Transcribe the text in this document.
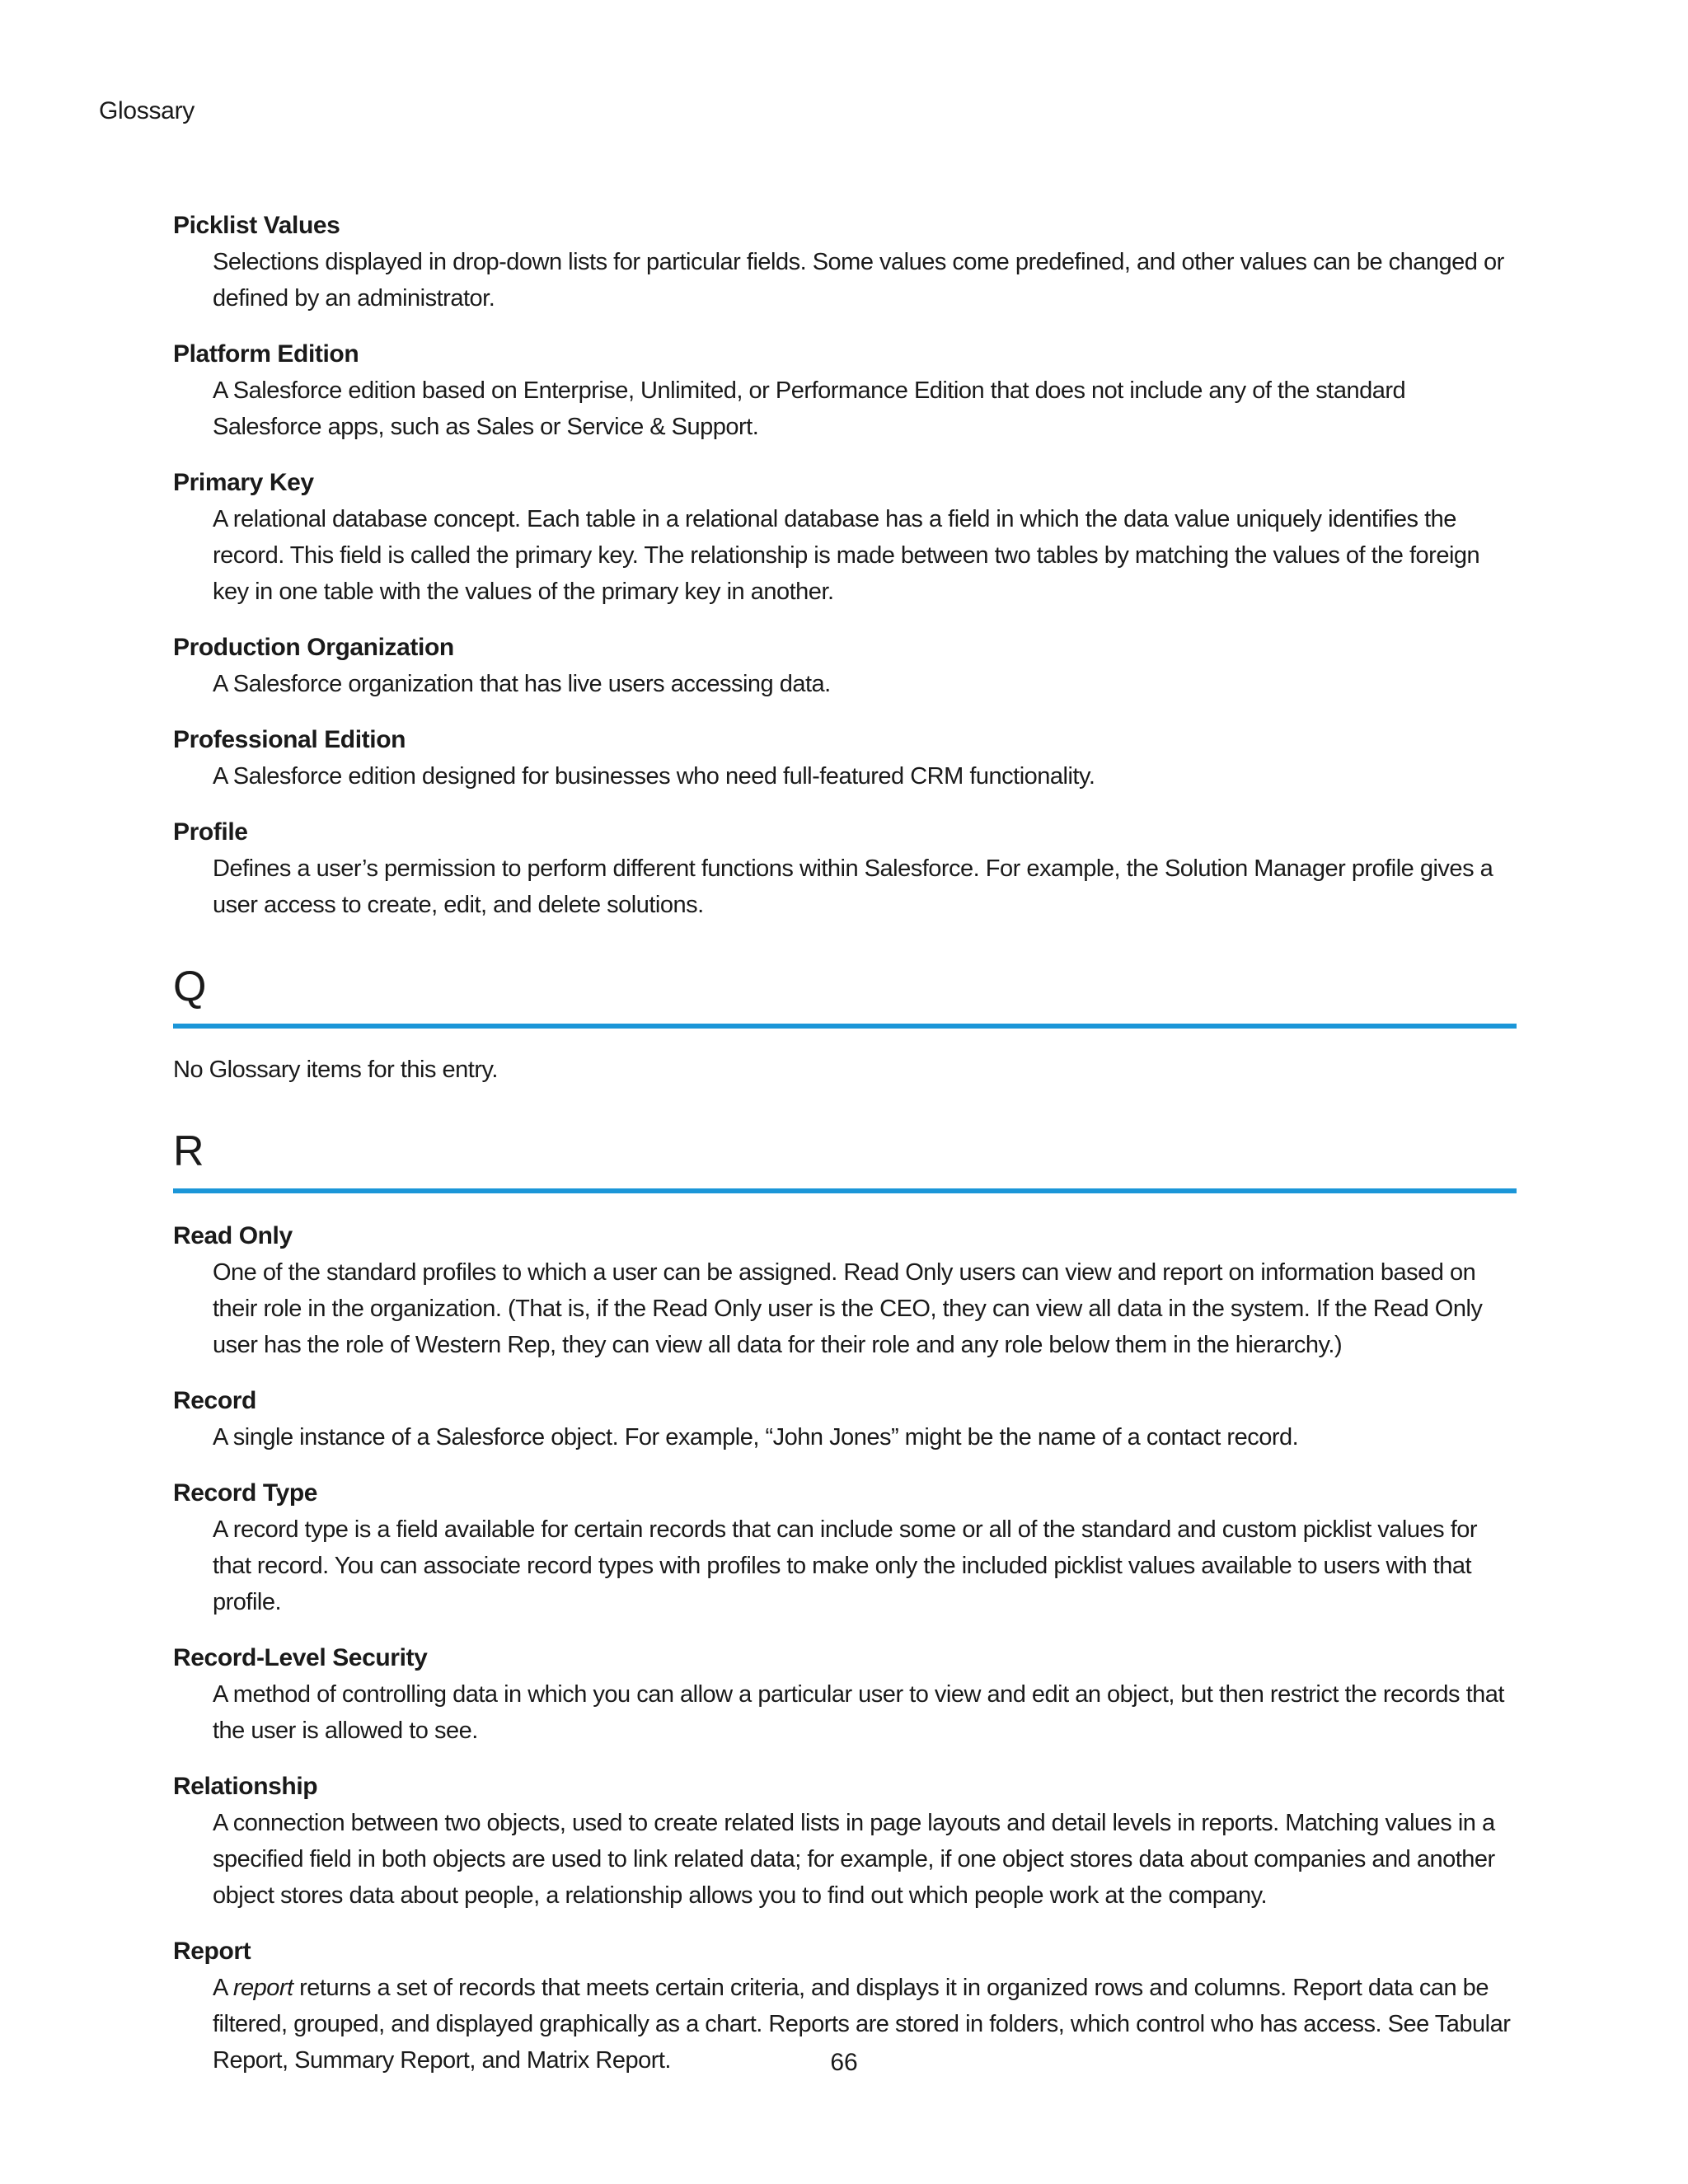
Glossary
Picklist Values
Selections displayed in drop-down lists for particular fields. Some values come predefined, and other values can be changed or defined by an administrator.
Platform Edition
A Salesforce edition based on Enterprise, Unlimited, or Performance Edition that does not include any of the standard Salesforce apps, such as Sales or Service & Support.
Primary Key
A relational database concept. Each table in a relational database has a field in which the data value uniquely identifies the record. This field is called the primary key. The relationship is made between two tables by matching the values of the foreign key in one table with the values of the primary key in another.
Production Organization
A Salesforce organization that has live users accessing data.
Professional Edition
A Salesforce edition designed for businesses who need full-featured CRM functionality.
Profile
Defines a user’s permission to perform different functions within Salesforce. For example, the Solution Manager profile gives a user access to create, edit, and delete solutions.
Q
No Glossary items for this entry.
R
Read Only
One of the standard profiles to which a user can be assigned. Read Only users can view and report on information based on their role in the organization. (That is, if the Read Only user is the CEO, they can view all data in the system. If the Read Only user has the role of Western Rep, they can view all data for their role and any role below them in the hierarchy.)
Record
A single instance of a Salesforce object. For example, “John Jones” might be the name of a contact record.
Record Type
A record type is a field available for certain records that can include some or all of the standard and custom picklist values for that record. You can associate record types with profiles to make only the included picklist values available to users with that profile.
Record-Level Security
A method of controlling data in which you can allow a particular user to view and edit an object, but then restrict the records that the user is allowed to see.
Relationship
A connection between two objects, used to create related lists in page layouts and detail levels in reports. Matching values in a specified field in both objects are used to link related data; for example, if one object stores data about companies and another object stores data about people, a relationship allows you to find out which people work at the company.
Report
A report returns a set of records that meets certain criteria, and displays it in organized rows and columns. Report data can be filtered, grouped, and displayed graphically as a chart. Reports are stored in folders, which control who has access. See Tabular Report, Summary Report, and Matrix Report.	66
